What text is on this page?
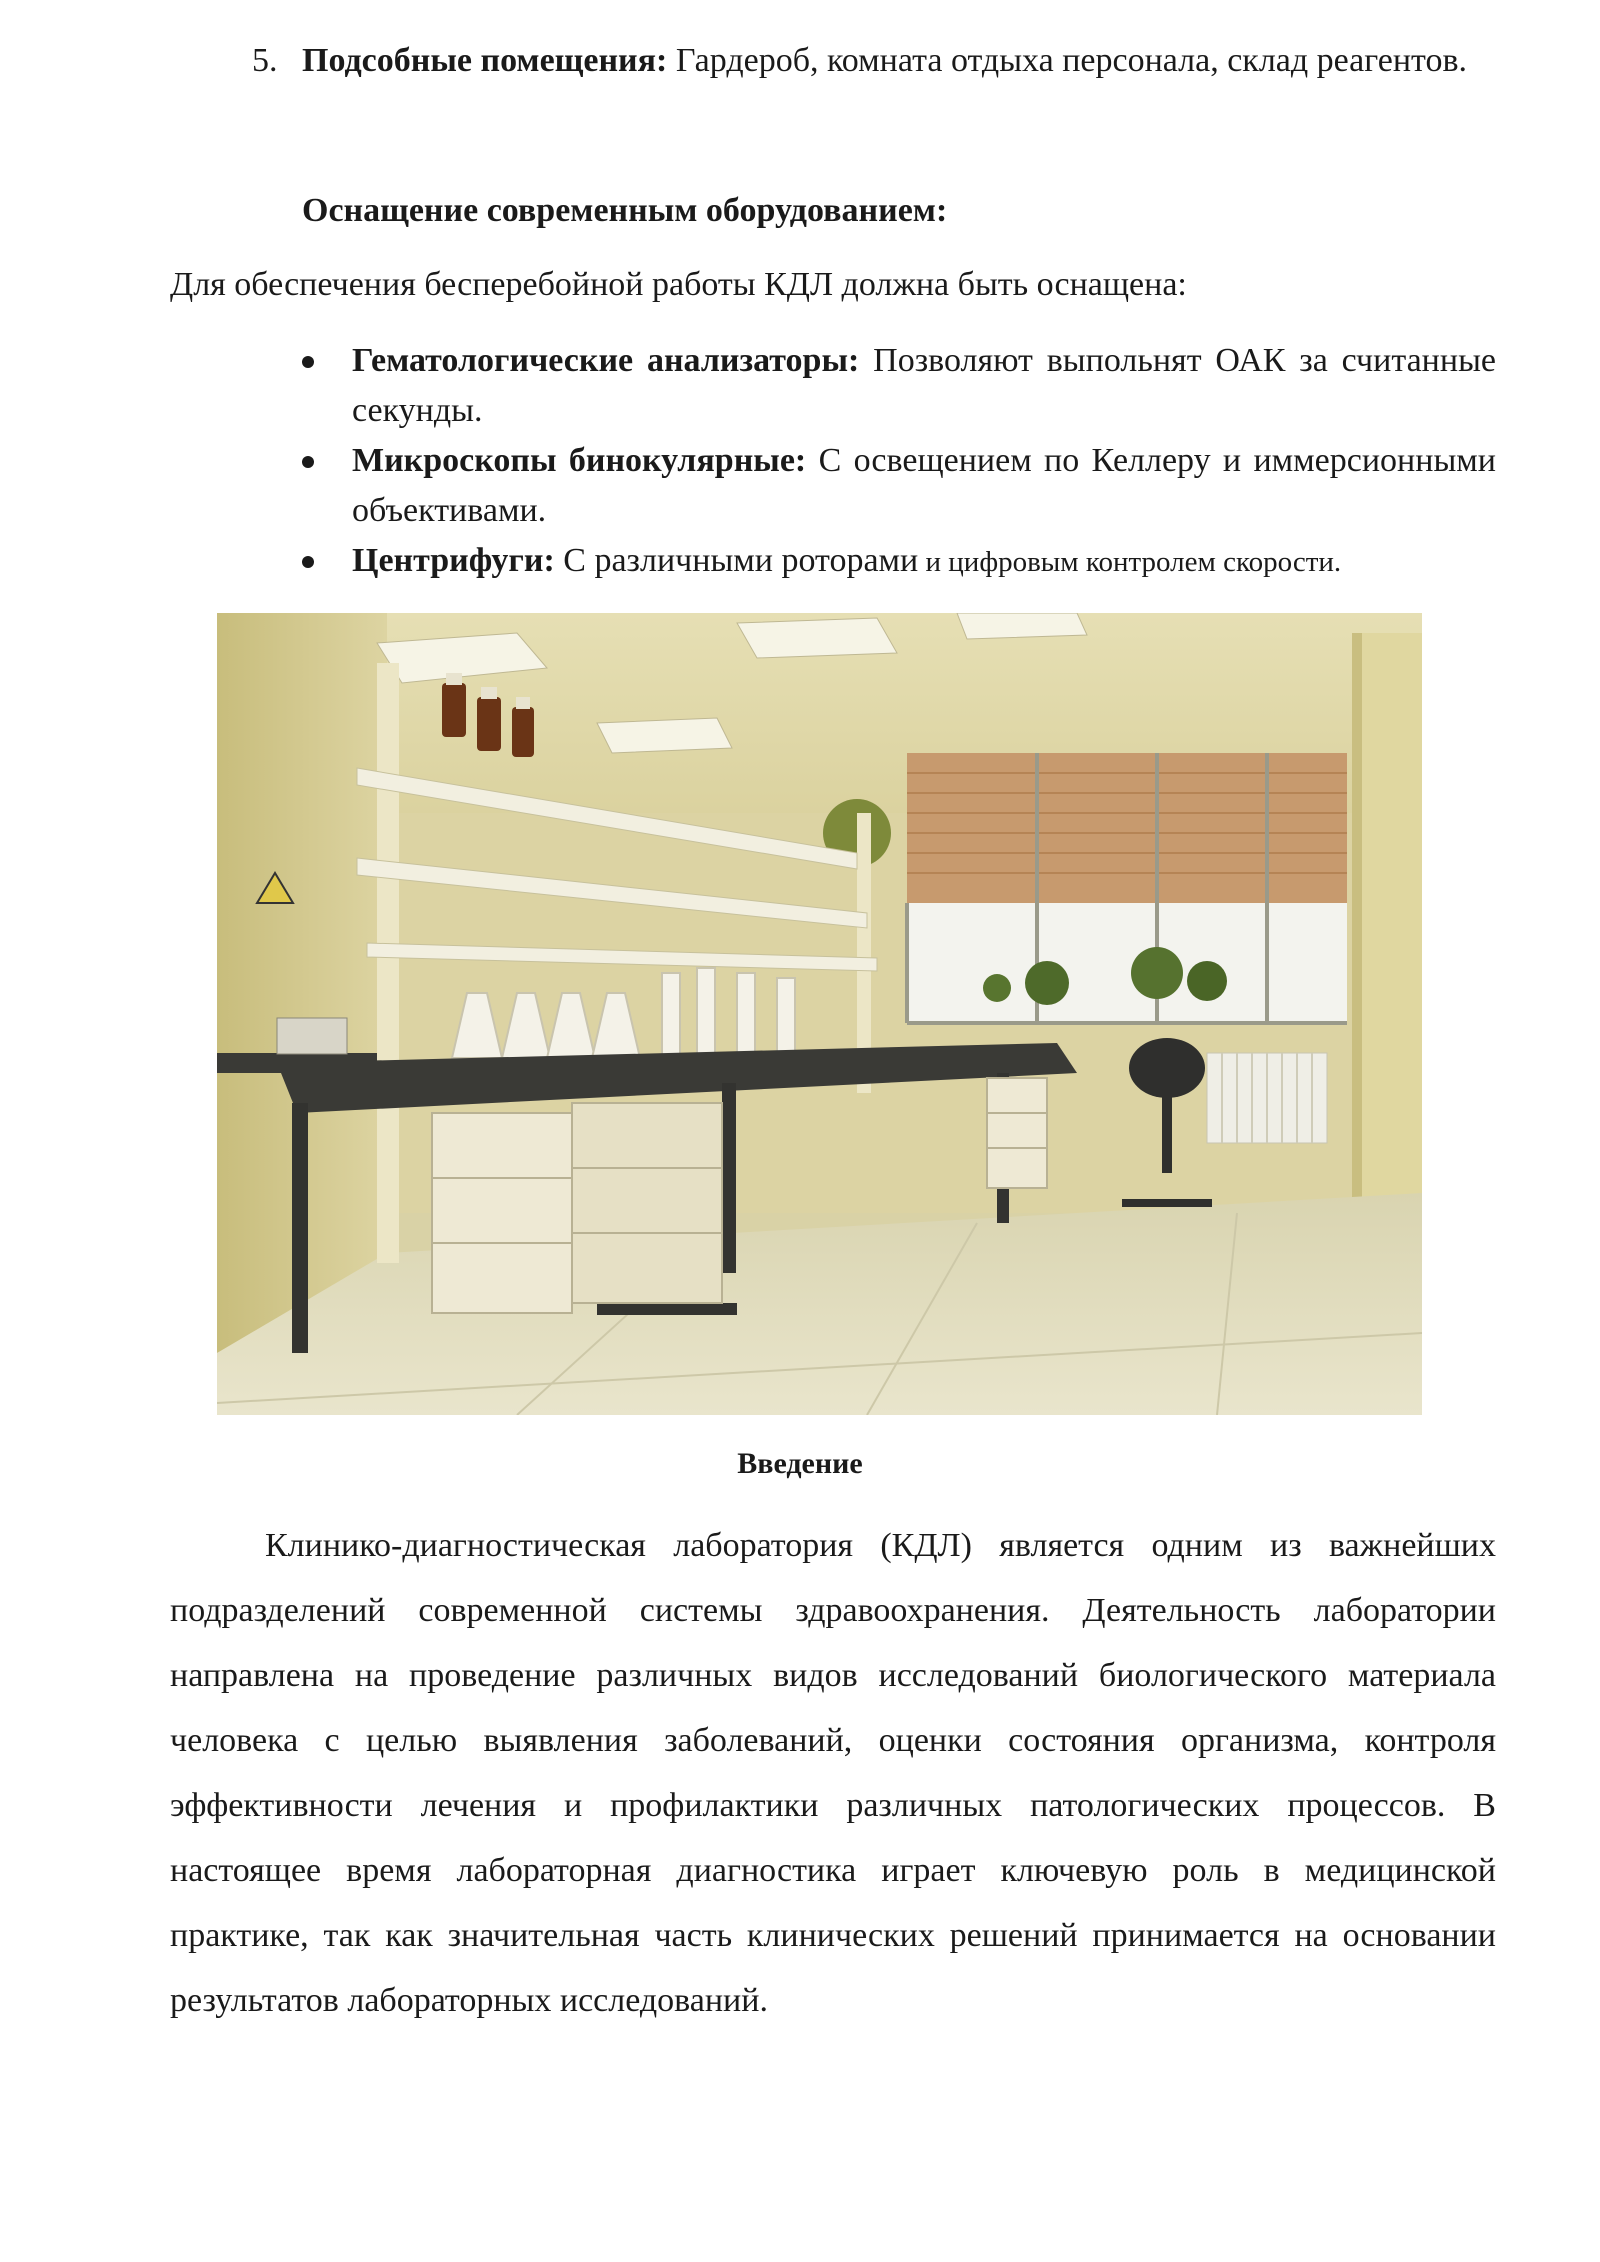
5. Подсобные помещения: Гардероб, комната отдыха персонала, склад реагентов.
Оснащение современным оборудованием:
Для обеспечения бесперебойной работы КДЛ должна быть оснащена:
Гематологические анализаторы: Позволяют выпольнят ОАК за считанные секунды.
Микроскопы бинокулярные: С освещением по Келлеру и иммерсионными объективами.
Центрифуги: С различными роторами и цифровым контролем скорости.
Введение
Клинико-диагностическая лаборатория (КДЛ) является одним из важнейших подразделений современной системы здравоохранения. Деятельность лаборатории направлена на проведение различных видов исследований биологического материала человека с целью выявления заболеваний, оценки состояния организма, контроля эффективности лечения и профилактики различных патологических процессов. В настоящее время лабораторная диагностика играет ключевую роль в медицинской практике, так как значительная часть клинических решений принимается на основании результатов лабораторных исследований.
